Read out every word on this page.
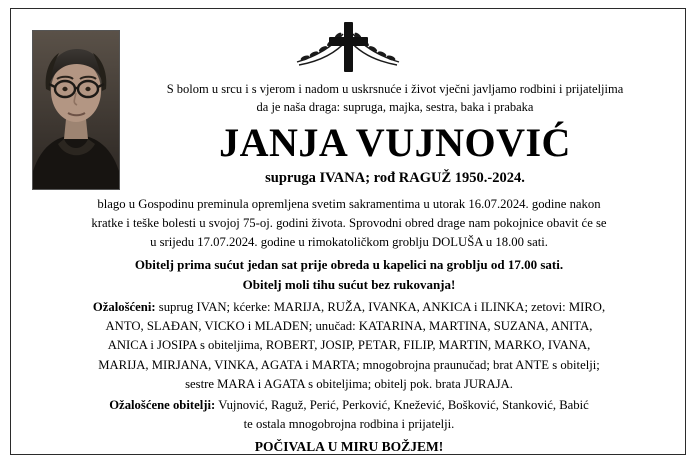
S bolom u srcu i s vjerom i nadom u uskrsnuće i život vječni javljamo rodbini i prijateljima
da je naša draga: supruga, majka, sestra, baka i prabaka

JANJA VUJNOVIĆ
supruga IVANA; rođ RAGUŽ 1950.-2024.

blago u Gospodinu preminula opremljena svetim sakramentima u utorak 16.07.2024. godine nakon
kratke i teške bolesti u svojoj 75-oj. godini života. Sprovodni obred drage nam pokojnice obavit će se
u srijedu 17.07.2024. godine u rimokatoličkom groblju DOLUŠA u 18.00 sati.

Obitelj prima sućut jedan sat prije obreda u kapelici na groblju od 17.00 sati.
Obitelj moli tihu sućut bez rukovanja!

Ožalošćeni: suprug IVAN; kćerke: MARIJA, RUŽA, IVANKA, ANKICA i ILINKA; zetovi: MIRO,
ANTO, SLAĐAN, VICKO i MLADEN; unučad: KATARINA, MARTINA, SUZANA, ANITA,
ANICA i JOSIPA s obiteljima, ROBERT, JOSIP, PETAR, FILIP, MARTIN, MARKO, IVANA,
MARIJA, MIRJANA, VINKA, AGATA i MARTA; mnogobrojna praunučad; brat ANTE s obitelji;
sestre MARA i AGATA s obiteljima; obitelj pok. brata JURAJA.

Ožalošćene obitelji: Vujnović, Raguž, Perić, Perković, Knežević, Bošković, Stanković, Babić
te ostala mnogobrojna rodbina i prijatelji.

POČIVALA U MIRU BOŽJEM!
